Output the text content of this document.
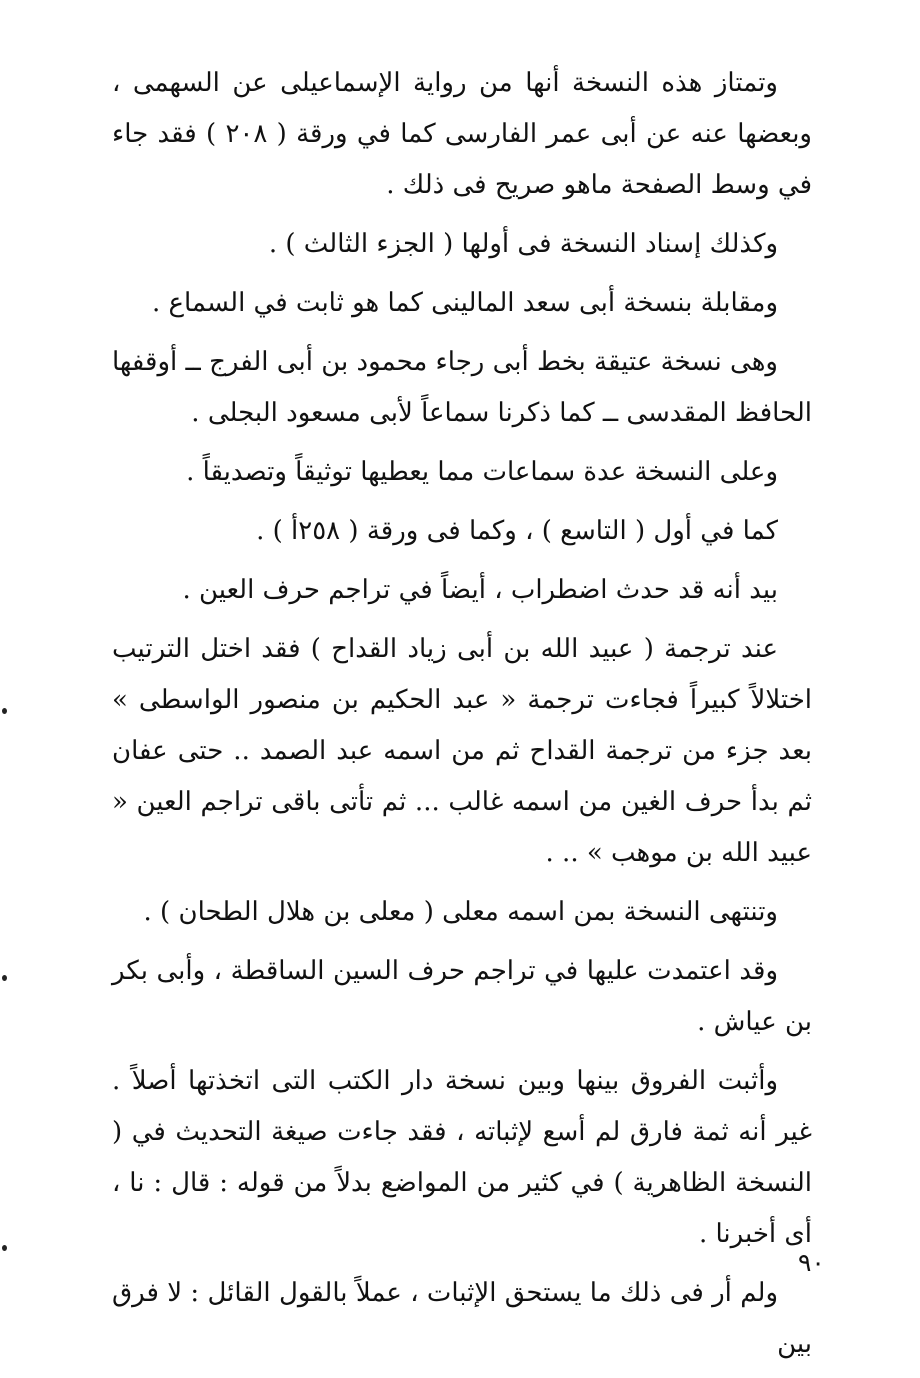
وتمتاز هذه النسخة أنها من رواية الإسماعيلى عن السهمى ، وبعضها عنه عن أبى عمر الفارسى كما في ورقة ( ٢٠٨ ) فقد جاء في وسط الصفحة ماهو صريح فى ذلك .

وكذلك إسناد النسخة فى أولها ( الجزء الثالث ) .

ومقابلة بنسخة أبى سعد المالينى كما هو ثابت في السماع .

وهى نسخة عتيقة بخط أبى رجاء محمود بن أبى الفرج ــ أوقفها الحافظ المقدسى ــ كما ذكرنا سماعاً لأبى مسعود البجلى .

وعلى النسخة عدة سماعات مما يعطيها توثيقاً وتصديقاً .

كما في أول ( التاسع ) ، وكما فى ورقة ( ٢٥٨أ ) .

بيد أنه قد حدث اضطراب ، أيضاً في تراجم حرف العين .

عند ترجمة ( عبيد الله بن أبى زياد القداح ) فقد اختل الترتيب اختلالاً كبيراً فجاءت ترجمة « عبد الحكيم بن منصور الواسطى » بعد جزء من ترجمة القداح ثم من اسمه عبد الصمد .. حتى عفان ثم بدأ حرف الغين من اسمه غالب ... ثم تأتى باقى تراجم العين « عبيد الله بن موهب » .. .

وتنتهى النسخة بمن اسمه معلى ( معلى بن هلال الطحان ) .

وقد اعتمدت عليها في تراجم حرف السين الساقطة ، وأبى بكر بن عياش .

وأثبت الفروق بينها وبين نسخة دار الكتب التى اتخذتها أصلاً . غير أنه ثمة فارق لم أسع لإثباته ، فقد جاءت صيغة التحديث في ( النسخة الظاهرية ) في كثير من المواضع بدلاً من قوله : قال : نا ، أى أخبرنا .

ولم أر فى ذلك ما يستحق الإثبات ، عملاً بالقول القائل : لا فرق بين

٩٠
